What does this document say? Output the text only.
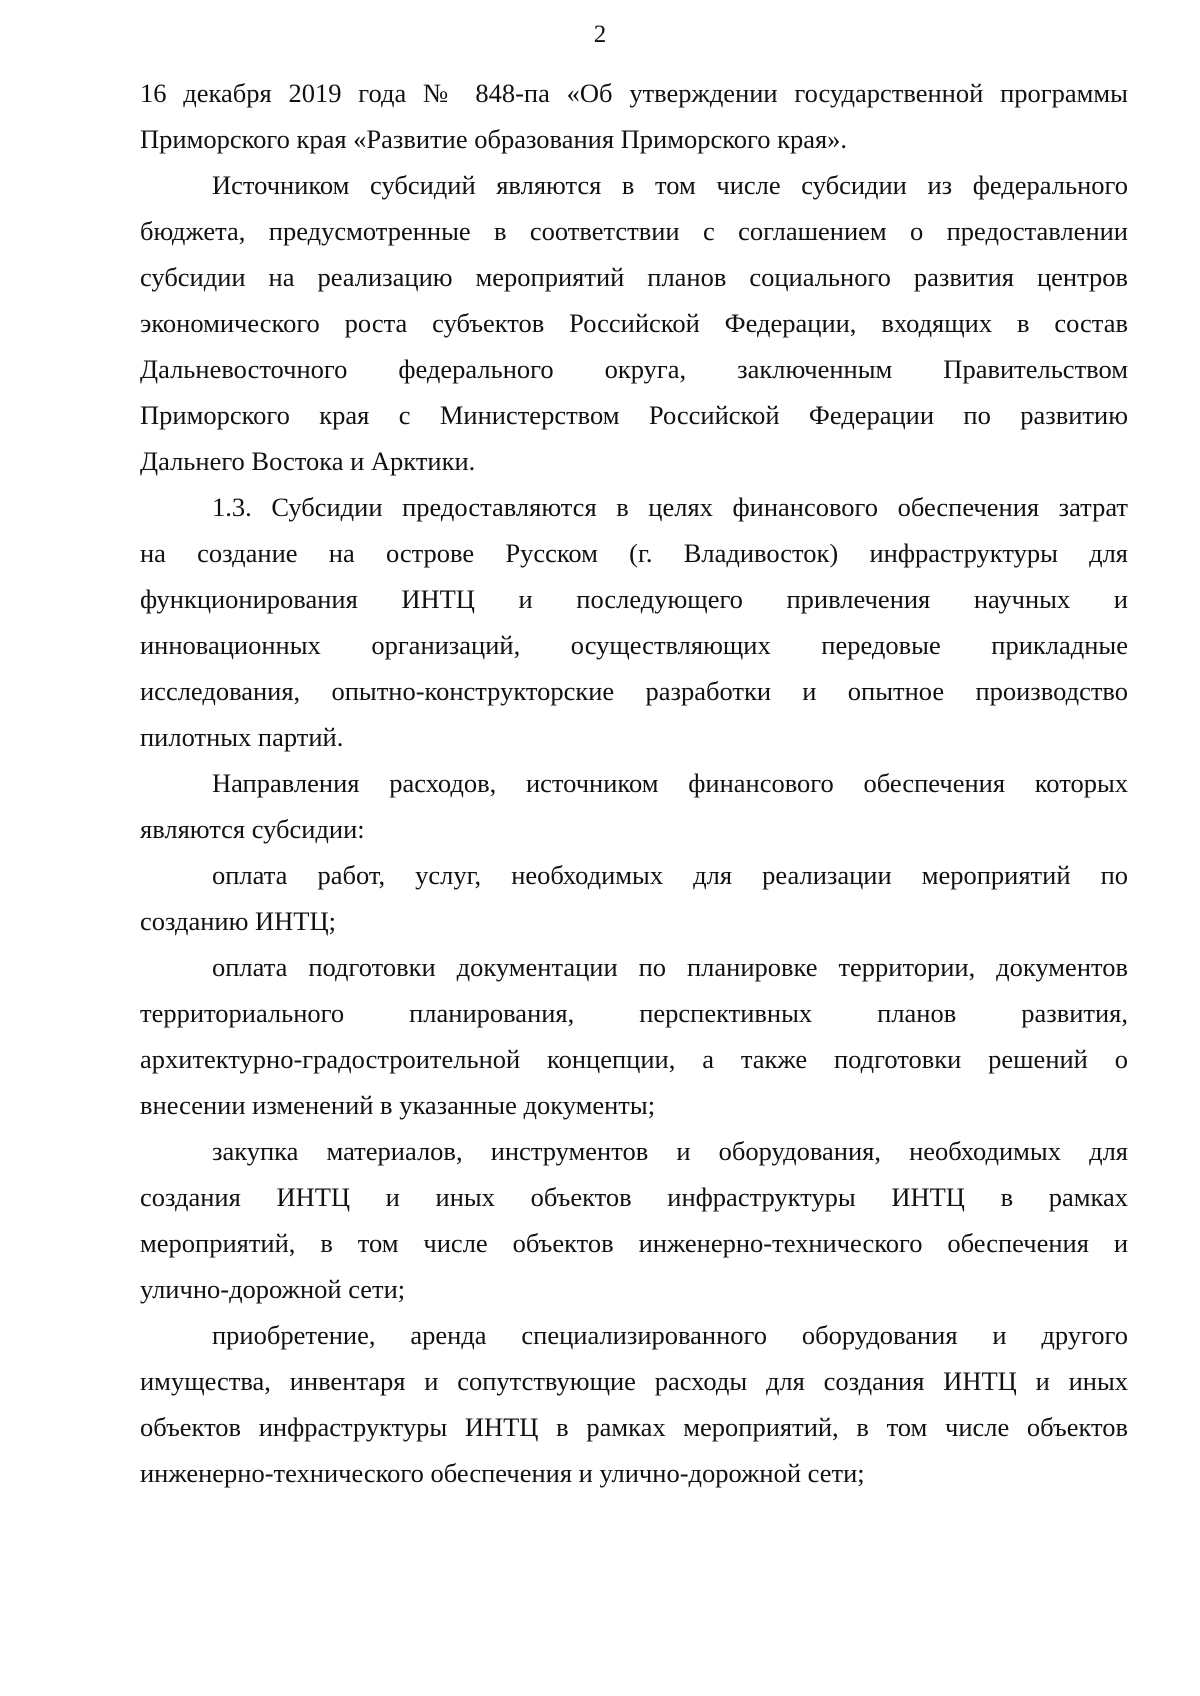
2
16 декабря 2019 года № 848-па «Об утверждении государственной программы
Приморского края «Развитие образования Приморского края».
Источником субсидий являются в том числе субсидии из федерального
бюджета, предусмотренные в соответствии с соглашением о предоставлении
субсидии на реализацию мероприятий планов социального развития центров
экономического роста субъектов Российской Федерации, входящих в состав
Дальневосточного федерального округа, заключенным Правительством
Приморского края с Министерством Российской Федерации по развитию
Дальнего Востока и Арктики.
1.3. Субсидии предоставляются в целях финансового обеспечения затрат
на создание на острове Русском (г. Владивосток) инфраструктуры для
функционирования ИНТЦ и последующего привлечения научных и
инновационных организаций, осуществляющих передовые прикладные
исследования, опытно-конструкторские разработки и опытное производство
пилотных партий.
Направления расходов, источником финансового обеспечения которых
являются субсидии:
оплата работ, услуг, необходимых для реализации мероприятий по
созданию ИНТЦ;
оплата подготовки документации по планировке территории, документов
территориального планирования, перспективных планов развития,
архитектурно-градостроительной концепции, а также подготовки решений о
внесении изменений в указанные документы;
закупка материалов, инструментов и оборудования, необходимых для
создания ИНТЦ и иных объектов инфраструктуры ИНТЦ в рамках
мероприятий, в том числе объектов инженерно-технического обеспечения и
улично-дорожной сети;
приобретение, аренда специализированного оборудования и другого
имущества, инвентаря и сопутствующие расходы для создания ИНТЦ и иных
объектов инфраструктуры ИНТЦ в рамках мероприятий, в том числе объектов
инженерно-технического обеспечения и улично-дорожной сети;
